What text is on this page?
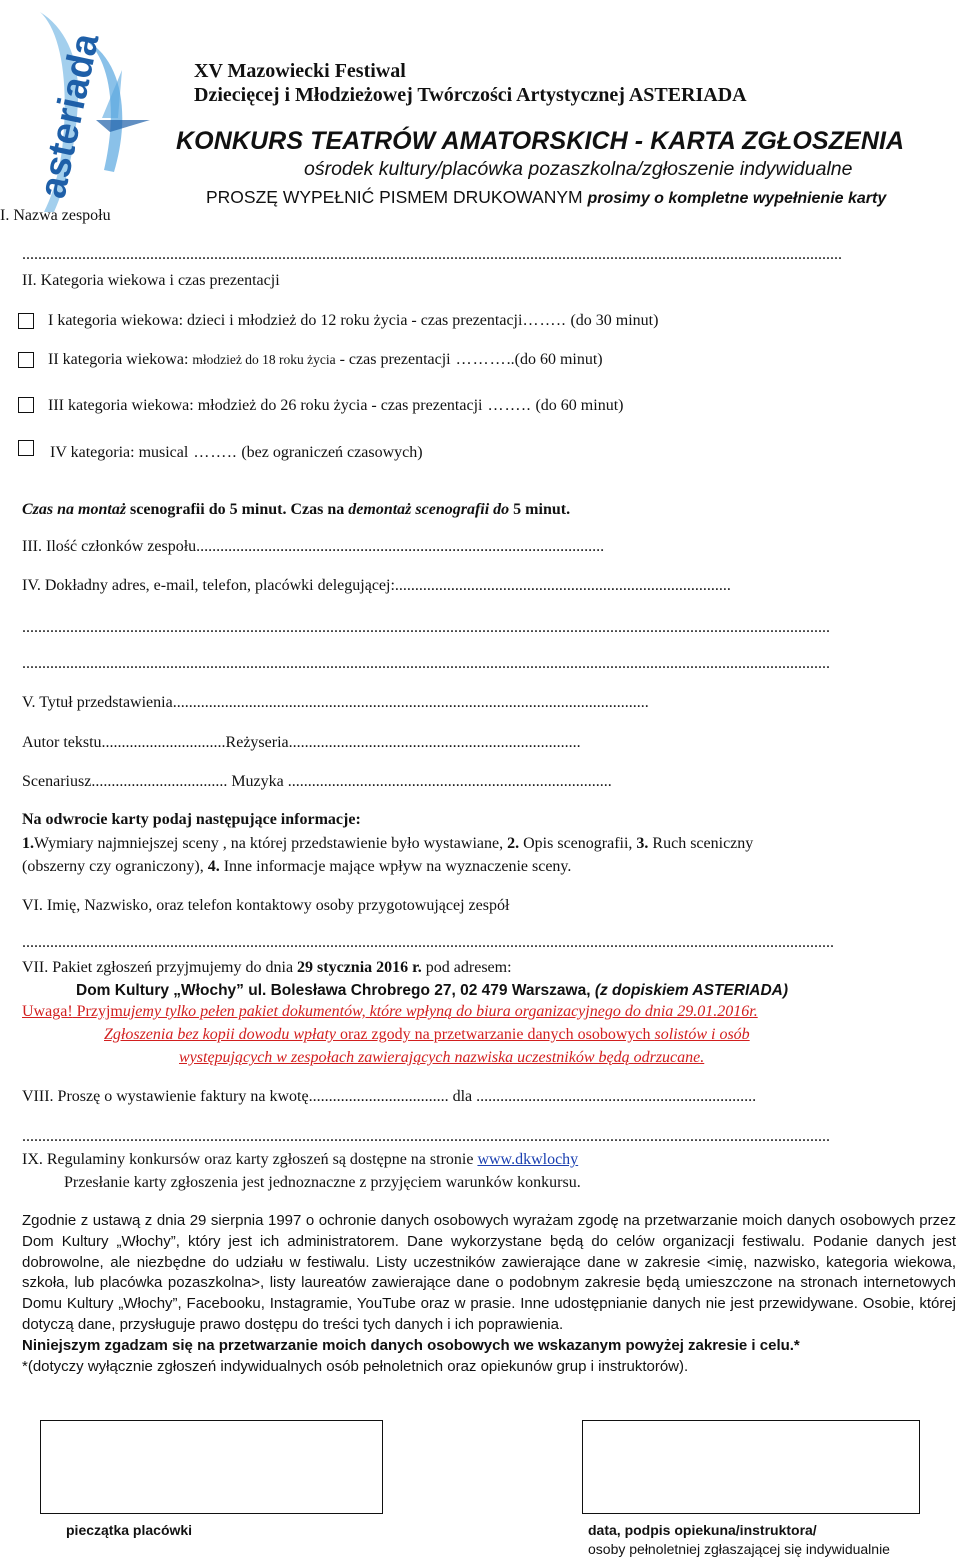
asteriada	XV Mazowiecki Festiwal
Dziecięcej i Młodzieżowej Twórczości Artystycznej ASTERIADA
KONKURS TEATRÓW AMATORSKICH - KARTA ZGŁOSZENIA
ośrodek kultury/placówka pozaszkolna/zgłoszenie indywidualne
PROSZĘ WYPEŁNIĆ PISMEM DRUKOWANYM prosimy o kompletne wypełnienie karty
I. Nazwa zespołu
.............................................................................................................................................................................................................
II. Kategoria wiekowa i czas prezentacji
I kategoria wiekowa: dzieci i młodzież do 12 roku życia - czas prezentacji…….. (do 30 minut)
II kategoria wiekowa: młodzież do 18 roku życia - czas prezentacji ………..(do 60 minut)
III kategoria wiekowa: młodzież do 26 roku życia - czas prezentacji …….. (do 60 minut)
IV kategoria: musical …….. (bez ograniczeń czasowych)
Czas na montaż scenografii do 5 minut. Czas na demontaż scenografii do 5 minut.
III. Ilość członków zespołu......................................................................................................
IV. Dokładny adres, e-mail, telefon, placówki delegującej:....................................................................................
..........................................................................................................................................................................................................
..........................................................................................................................................................................................................
V. Tytuł przedstawienia.......................................................................................................................
Autor tekstu...............................Reżyseria.........................................................................
Scenariusz.................................. Muzyka .................................................................................
Na odwrocie karty podaj następujące informacje:
1.Wymiary najmniejszej sceny , na której przedstawienie było wystawiane, 2. Opis scenografii, 3. Ruch sceniczny
(obszerny czy ograniczony), 4. Inne informacje mające wpływ na wyznaczenie sceny.
VI. Imię, Nazwisko, oraz telefon kontaktowy osoby przygotowującej zespół
...........................................................................................................................................................................................................
VII. Pakiet zgłoszeń przyjmujemy do dnia 29 stycznia 2016 r. pod adresem:
Dom Kultury „Włochy” ul. Bolesława Chrobrego 27, 02 479 Warszawa, (z dopiskiem ASTERIADA)
Uwaga! Przyjmujemy tylko pełen pakiet dokumentów, które wpłyną do biura organizacyjnego do dnia 29.01.2016r.
Zgłoszenia bez kopii dowodu wpłaty oraz zgody na przetwarzanie danych osobowych solistów i osób
występujących w zespołach zawierających nazwiska uczestników będą odrzucane.
VIII. Proszę o wystawienie faktury na kwotę................................... dla ......................................................................
..........................................................................................................................................................................................................
IX. Regulaminy konkursów oraz karty zgłoszeń są dostępne na stronie www.dkwlochy
Przesłanie karty zgłoszenia jest jednoznaczne z przyjęciem warunków konkursu.

Zgodnie z ustawą z dnia 29 sierpnia 1997 o ochronie danych osobowych wyrażam zgodę na przetwarzanie moich danych osobowych przez Dom Kultury „Włochy”, który jest ich administratorem. Dane wykorzystane będą do celów organizacji festiwalu. Podanie danych jest dobrowolne, ale niezbędne do udziału w festiwalu. Listy uczestników zawierające dane w zakresie <imię, nazwisko, kategoria wiekowa, szkoła, lub placówka pozaszkolna>, listy laureatów zawierające dane o podobnym zakresie będą umieszczone na stronach internetowych Domu Kultury „Włochy”, Facebooku, Instagramie, YouTube oraz w prasie. Inne udostępnianie danych nie jest przewidywane. Osobie, której dotyczą dane, przysługuje prawo dostępu do treści tych danych i ich poprawienia.

Niniejszym zgadzam się na przetwarzanie moich danych osobowych we wskazanym powyżej zakresie i celu.*

*(dotyczy wyłącznie zgłoszeń indywidualnych osób pełnoletnich oraz opiekunów grup i instruktorów).

pieczątka placówki	data, podpis opiekuna/instruktora/
osoby pełnoletniej zgłaszającej się indywidualnie
